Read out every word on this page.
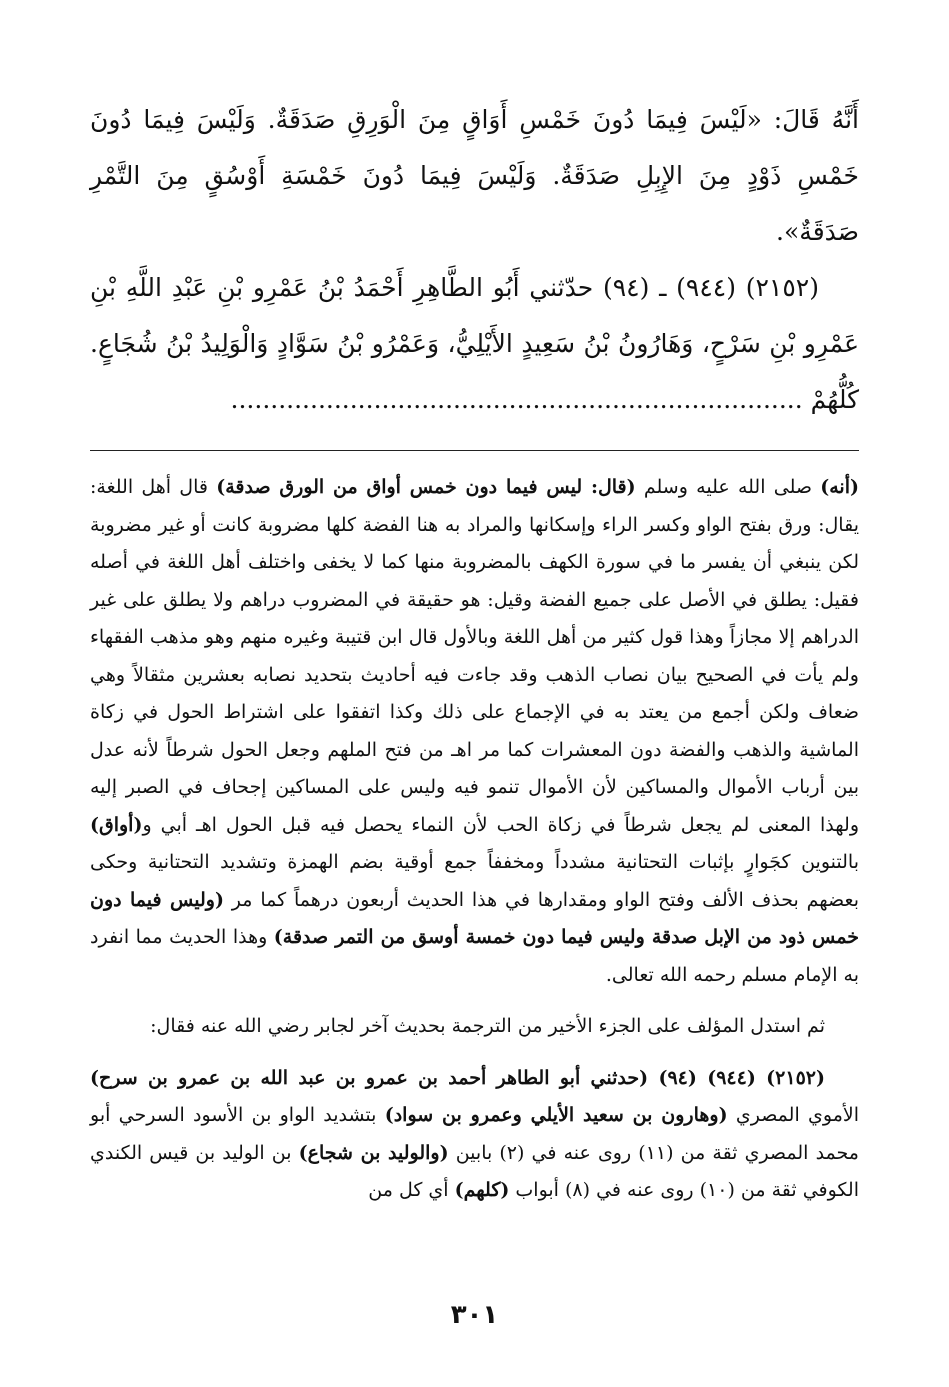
أَنَّهُ قَالَ: «لَيْسَ فِيمَا دُونَ خَمْسِ أَوَاقٍ مِنَ الْوَرِقِ صَدَقَةٌ. وَلَيْسَ فِيمَا دُونَ خَمْسِ ذَوْدٍ مِنَ الإِبِلِ صَدَقَةٌ. وَلَيْسَ فِيمَا دُونَ خَمْسَةِ أَوْسُقٍ مِنَ التَّمْرِ صَدَقَةٌ».

(٢١٥٢) (٩٤٤) ـ (٩٤) حدّثني أَبُو الطَّاهِرِ أَحْمَدُ بْنُ عَمْرِو بْنِ عَبْدِ اللَّهِ بْنِ عَمْرِو بْنِ سَرْحٍ، وَهَارُونُ بْنُ سَعِيدٍ الأَيْلِيُّ، وَعَمْرُو بْنُ سَوَّادٍ وَالْوَلِيدُ بْنُ شُجَاعٍ. كُلُّهُمْ ........................................................................

(أنه) صلى الله عليه وسلم (قال: ليس فيما دون خمس أواق من الورق صدقة) قال أهل اللغة: يقال: ورق بفتح الواو وكسر الراء وإسكانها والمراد به هنا الفضة كلها مضروبة كانت أو غير مضروبة لكن ينبغي أن يفسر ما في سورة الكهف بالمضروبة منها كما لا يخفى واختلف أهل اللغة في أصله فقيل: يطلق في الأصل على جميع الفضة وقيل: هو حقيقة في المضروب دراهم ولا يطلق على غير الدراهم إلا مجازاً وهذا قول كثير من أهل اللغة وبالأول قال ابن قتيبة وغيره منهم وهو مذهب الفقهاء ولم يأت في الصحيح بيان نصاب الذهب وقد جاءت فيه أحاديث بتحديد نصابه بعشرين مثقالاً وهي ضعاف ولكن أجمع من يعتد به في الإجماع على ذلك وكذا اتفقوا على اشتراط الحول في زكاة الماشية والذهب والفضة دون المعشرات كما مر اهـ من فتح الملهم وجعل الحول شرطاً لأنه عدل بين أرباب الأموال والمساكين لأن الأموال تنمو فيه وليس على المساكين إجحاف في الصبر إليه ولهذا المعنى لم يجعل شرطاً في زكاة الحب لأن النماء يحصل فيه قبل الحول اهـ أبي و(أواق) بالتنوين كجَوارٍ بإثبات التحتانية مشدداً ومخففاً جمع أوقية بضم الهمزة وتشديد التحتانية وحكى بعضهم بحذف الألف وفتح الواو ومقدارها في هذا الحديث أربعون درهماً كما مر (وليس فيما دون خمس ذود من الإبل صدقة وليس فيما دون خمسة أوسق من التمر صدقة) وهذا الحديث مما انفرد به الإمام مسلم رحمه الله تعالى.

ثم استدل المؤلف على الجزء الأخير من الترجمة بحديث آخر لجابر رضي الله عنه فقال:

(٢١٥٢) (٩٤٤) (٩٤) (حدثني أبو الطاهر أحمد بن عمرو بن عبد الله بن عمرو بن سرح) الأموي المصري (وهارون بن سعيد الأيلي وعمرو بن سواد) بتشديد الواو بن الأسود السرحي أبو محمد المصري ثقة من (١١) روى عنه في (٢) بابين (والوليد بن شجاع) بن الوليد بن قيس الكندي الكوفي ثقة من (١٠) روى عنه في (٨) أبواب (كلهم) أي كل من

٣٠١
